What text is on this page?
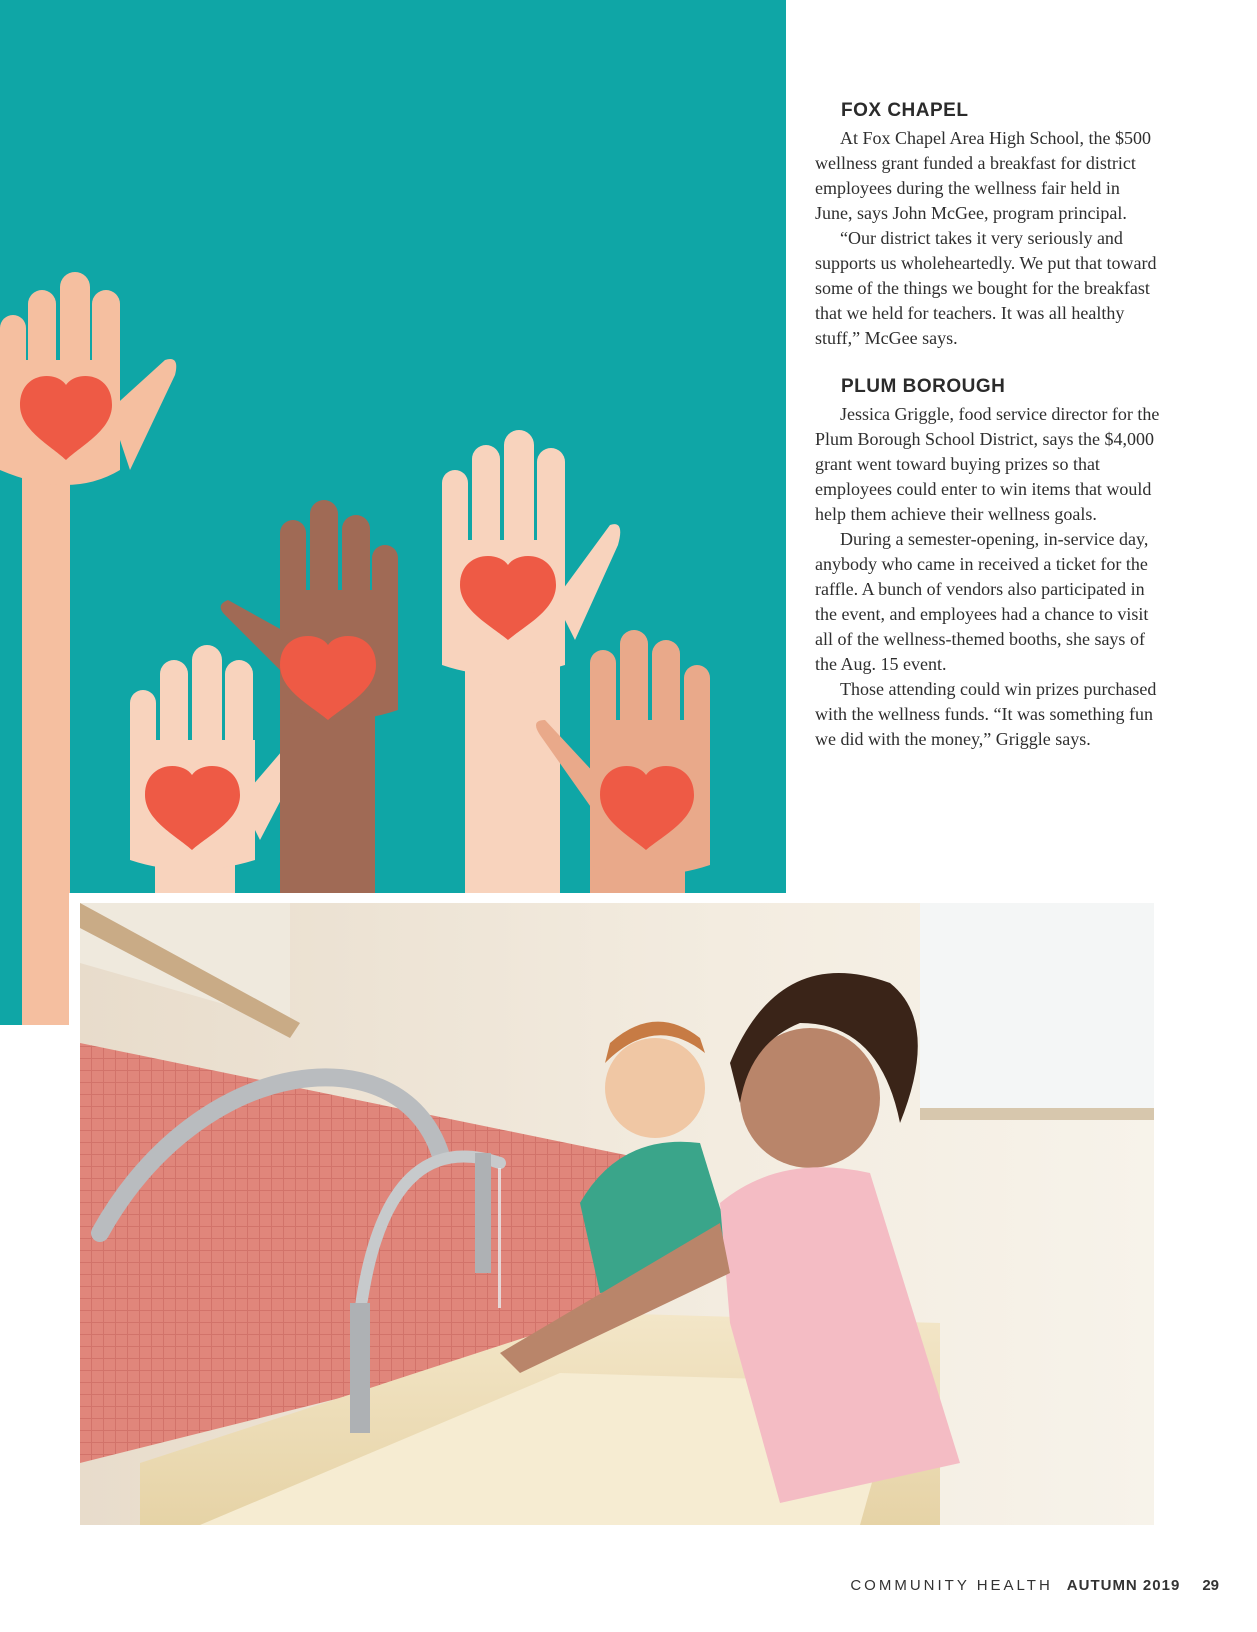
FOX CHAPEL

At Fox Chapel Area High School, the $500 wellness grant funded a breakfast for district employees during the wellness fair held in June, says John McGee, program principal.

“Our district takes it very seriously and supports us wholeheartedly. We put that toward some of the things we bought for the breakfast that we held for teachers. It was all healthy stuff,” McGee says.

PLUM BOROUGH

Jessica Griggle, food service director for the Plum Borough School District, says the $4,000 grant went toward buying prizes so that employees could enter to win items that would help them achieve their wellness goals.

During a semester-opening, in-service day, anybody who came in received a ticket for the raffle. A bunch of vendors also participated in the event, and employees had a chance to visit all of the wellness-themed booths, she says of the Aug. 15 event.

Those attending could win prizes purchased with the wellness funds. “It was something fun we did with the money,” Griggle says.

COMMUNITY HEALTH AUTUMN 2019 29
